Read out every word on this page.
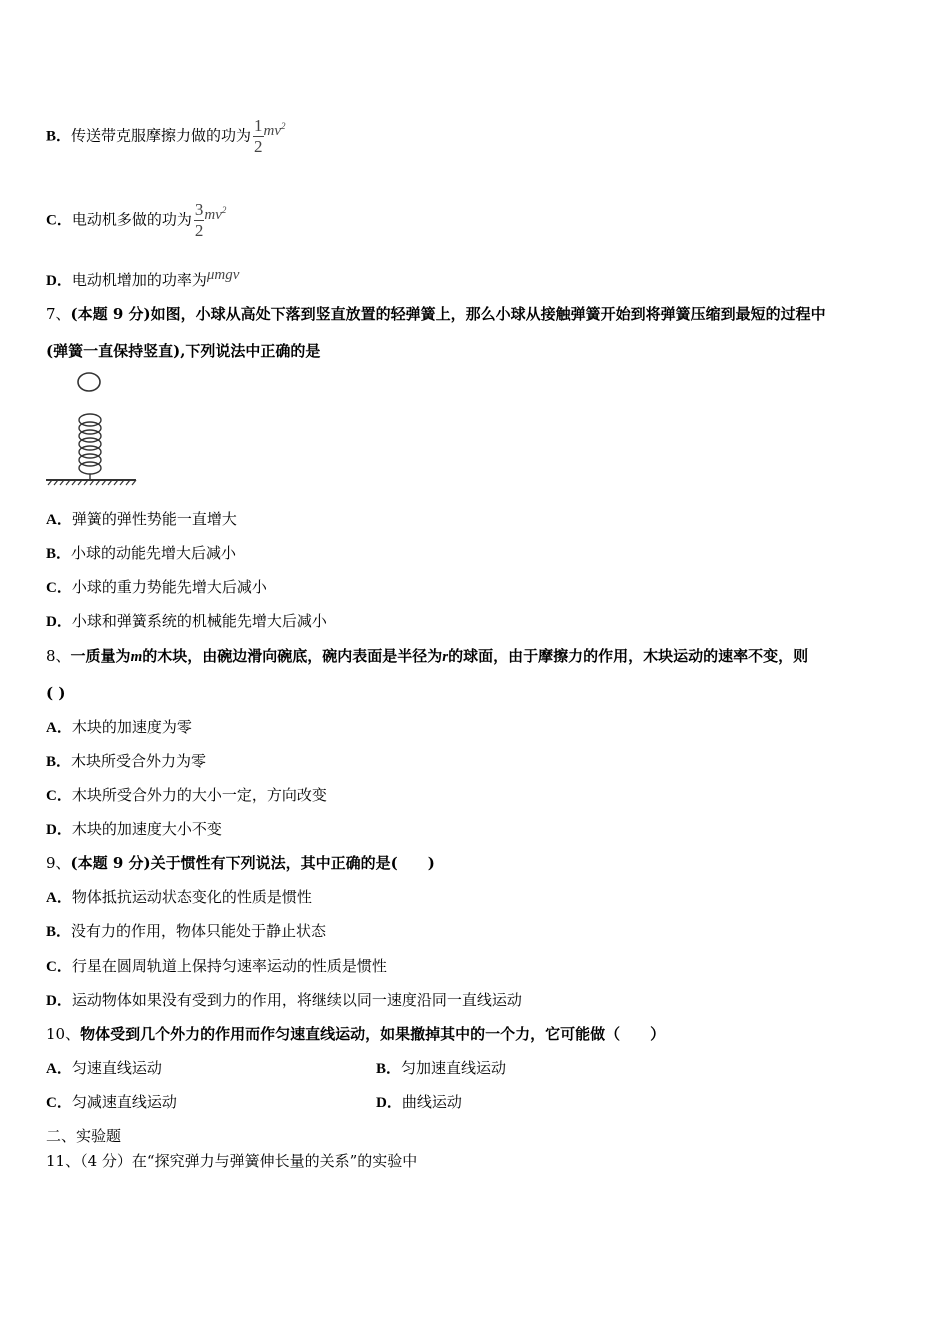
B．传送带克服摩擦力做的功为 $\frac{1}{2} mv^2$
C．电动机多做的功为 $\frac{3}{2} mv^2$
D．电动机增加的功率为μmgv
7、(本题 9 分)如图，小球从高处下落到竖直放置的轻弹簧上，那么小球从接触弹簧开始到将弹簧压缩到最短的过程中
(弹簧一直保持竖直),下列说法中正确的是
A．弹簧的弹性势能一直增大
B．小球的动能先增大后减小
C．小球的重力势能先增大后减小
D．小球和弹簧系统的机械能先增大后减小
8、一质量为m的木块，由碗边滑向碗底，碗内表面是半径为r的球面，由于摩擦力的作用，木块运动的速率不变，则
( )
A．木块的加速度为零
B．木块所受合外力为零
C．木块所受合外力的大小一定，方向改变
D．木块的加速度大小不变
9、(本题 9 分)关于惯性有下列说法，其中正确的是(　　)
A．物体抵抗运动状态变化的性质是惯性
B．没有力的作用，物体只能处于静止状态
C．行星在圆周轨道上保持匀速率运动的性质是惯性
D．运动物体如果没有受到力的作用，将继续以同一速度沿同一直线运动
10、物体受到几个外力的作用而作匀速直线运动，如果撤掉其中的一个力，它可能做（　　）
A．匀速直线运动	B．匀加速直线运动
C．匀减速直线运动	D．曲线运动
二、实验题
11、（4 分）在“探究弹力与弹簧伸长量的关系”的实验中
